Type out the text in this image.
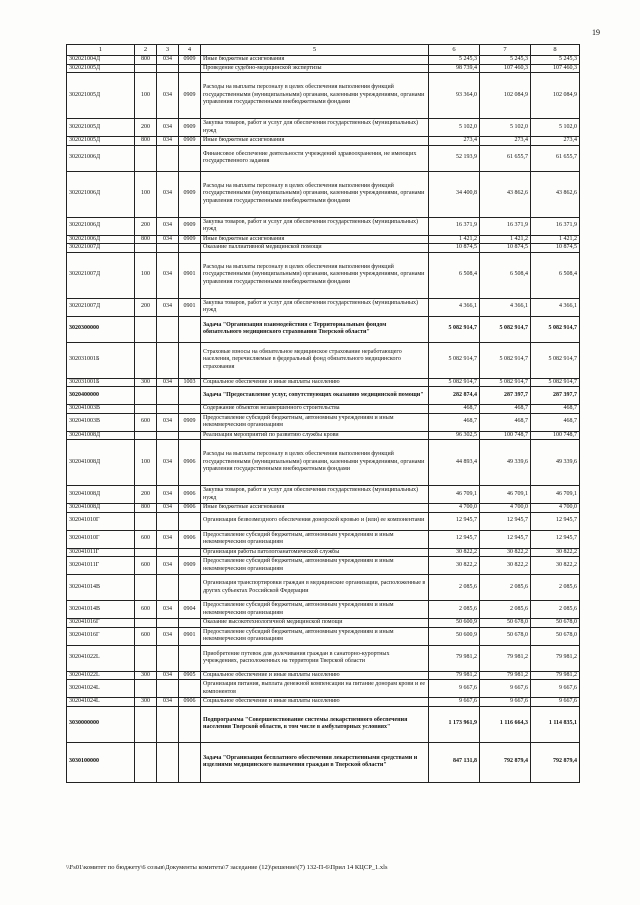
19
1	2	3	4	5	6	7	8
302021004Д	800	034	0909	Иные бюджетные ассигнования	5 245,3	5 245,3	5 245,3
302021005Д				Проведение судебно-медицинской экспертизы	98 739,4	107 460,3	107 460,3
302021005Д	100	034	0909	Расходы на выплаты персоналу в целях обеспечения выполнения функций государственными (муниципальными) органами, казенными учреждениями, органами управления государственными внебюджетными фондами	93 364,0	102 084,9	102 084,9
302021005Д	200	034	0909	Закупка товаров, работ и услуг для обеспечения государственных (муниципальных) нужд	5 102,0	5 102,0	5 102,0
302021005Д	800	034	0909	Иные бюджетные ассигнования	273,4	273,4	273,4
302021006Д				Финансовое обеспечение деятельности учреждений здравоохранения, не имеющих государственного задания	52 193,9	61 655,7	61 655,7
302021006Д	100	034	0909	Расходы на выплаты персоналу в целях обеспечения выполнения функций государственными (муниципальными) органами, казенными учреждениями, органами управления государственными внебюджетными фондами	34 400,8	43 862,6	43 862,6
302021006Д	200	034	0909	Закупка товаров, работ и услуг для обеспечения государственных (муниципальных) нужд	16 371,9	16 371,9	16 371,9
302021006Д	800	034	0909	Иные бюджетные ассигнования	1 421,2	1 421,2	1 421,2
302021007Д				Оказание паллиативной медицинской помощи	10 874,5	10 874,5	10 874,5
302021007Д	100	034	0901	Расходы на выплаты персоналу в целях обеспечения выполнения функций государственными (муниципальными) органами, казенными учреждениями, органами управления государственными внебюджетными фондами	6 508,4	6 508,4	6 508,4
302021007Д	200	034	0901	Закупка товаров, работ и услуг для обеспечения государственных (муниципальных) нужд	4 366,1	4 366,1	4 366,1
3020300000				Задача "Организация взаимодействия с Территориальным фондом обязательного медицинского страхования Тверской области"	5 082 914,7	5 082 914,7	5 082 914,7
302031001Б				Страховые взносы на обязательное медицинское страхование неработающего населения, перечисляемые в федеральный фонд обязательного медицинского страхования	5 082 914,7	5 082 914,7	5 082 914,7
302031001Б	300	034	1003	Социальное обеспечение и иные выплаты населению	5 082 914,7	5 082 914,7	5 082 914,7
3020400000				Задача "Предоставление услуг, сопутствующих оказанию медицинской помощи"	282 874,4	287 397,7	287 397,7
302041003В				Содержание объектов незавершенного строительства	468,7	468,7	468,7
302041003В	600	034	0909	Предоставление субсидий бюджетным, автономным учреждениям и иным некоммерческим организациям	468,7	468,7	468,7
302041008Д				Реализация мероприятий по развитию службы крови	96 302,5	100 748,7	100 748,7
302041008Д	100	034	0906	Расходы на выплаты персоналу в целях обеспечения выполнения функций государственными (муниципальными) органами, казенными учреждениями, органами управления государственными внебюджетными фондами	44 893,4	49 339,6	49 339,6
302041008Д	200	034	0906	Закупка товаров, работ и услуг для обеспечения государственных (муниципальных) нужд	46 709,1	46 709,1	46 709,1
302041008Д	800	034	0906	Иные бюджетные ассигнования	4 700,0	4 700,0	4 700,0
302041010Г				Организация безвозмездного обеспечения донорской кровью и (или) ее компонентами	12 945,7	12 945,7	12 945,7
302041010Г	600	034	0906	Предоставление субсидий бюджетным, автономным учреждениям и иным некоммерческим организациям	12 945,7	12 945,7	12 945,7
302041011Г				Организация работы патологоанатомической службы	30 822,2	30 822,2	30 822,2
302041011Г	600	034	0909	Предоставление субсидий бюджетным, автономным учреждениям и иным некоммерческим организациям	30 822,2	30 822,2	30 822,2
302041014В				Организация транспортировки граждан в медицинские организации, расположенные в других субъектах Российской Федерации	2 085,6	2 085,6	2 085,6
302041014В	600	034	0904	Предоставление субсидий бюджетным, автономным учреждениям и иным некоммерческим организациям	2 085,6	2 085,6	2 085,6
302041016Г				Оказание высокотехнологичной медицинской помощи	50 600,9	50 678,0	50 678,0
302041016Г	600	034	0901	Предоставление субсидий бюджетным, автономным учреждениям и иным некоммерческим организациям	50 600,9	50 678,0	50 678,0
302041022L				Приобретение путевок для долечивания граждан в санаторно-курортных учреждениях, расположенных на территории Тверской области	79 981,2	79 981,2	79 981,2
302041022L	300	034	0905	Социальное обеспечение и иные выплаты населению	79 981,2	79 981,2	79 981,2
302041024L				Организация питания, выплата денежной компенсации на питание донорам крови и ее компонентов	9 667,6	9 667,6	9 667,6
302041024L	300	034	0906	Социальное обеспечение и иные выплаты населению	9 667,6	9 667,6	9 667,6
3030000000				Подпрограмма "Совершенствование системы лекарственного обеспечения населения Тверской области, в том числе в амбулаторных условиях"	1 173 961,9	1 116 664,3	1 114 835,1
3030100000				Задача "Организация бесплатного обеспечения лекарственными средствами и изделиями медицинского назначения граждан в Тверской области"	847 131,8	792 879,4	792 879,4
\\Fs01\комитет по бюджету\6 созыв\Документы комитета\7 заседание (12)\решение\(7) 132-П-6\Прил 14 КЦСР_1.xls
